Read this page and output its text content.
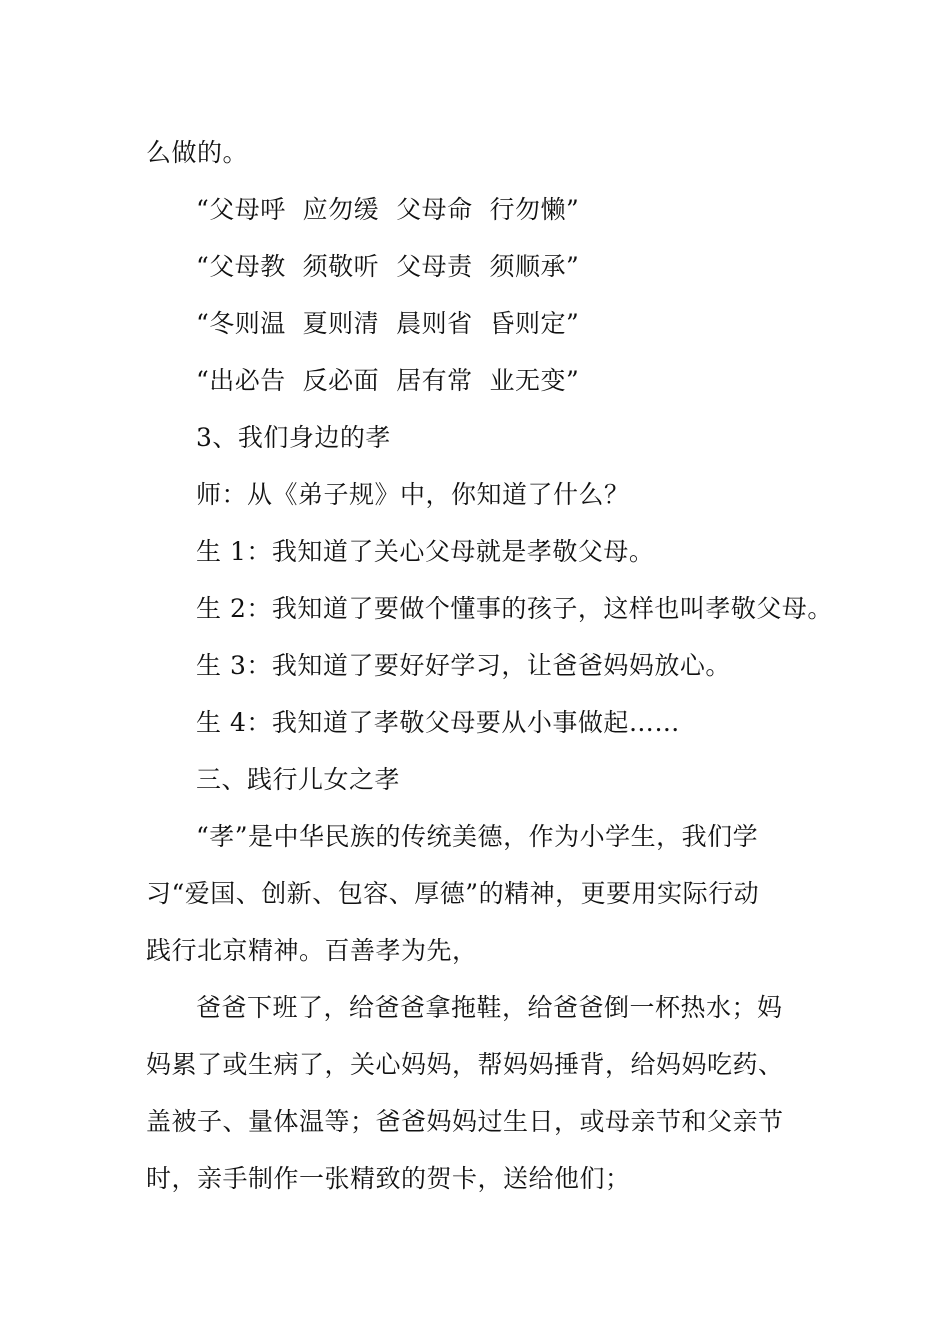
么做的。
“父母呼  应勿缓  父母命  行勿懒”
“父母教  须敬听  父母责  须顺承”
“冬则温  夏则清  晨则省  昏则定”
“出必告  反必面  居有常  业无变”
3、我们身边的孝
师：从《弟子规》中，你知道了什么？
生 1：我知道了关心父母就是孝敬父母。
生 2：我知道了要做个懂事的孩子，这样也叫孝敬父母。
生 3：我知道了要好好学习，让爸爸妈妈放心。
生 4：我知道了孝敬父母要从小事做起……
三、践行儿女之孝
“孝”是中华民族的传统美德，作为小学生，我们学
习“爱国、创新、包容、厚德”的精神，更要用实际行动
践行北京精神。百善孝为先，
爸爸下班了，给爸爸拿拖鞋，给爸爸倒一杯热水；妈
妈累了或生病了，关心妈妈，帮妈妈捶背，给妈妈吃药、
盖被子、量体温等；爸爸妈妈过生日，或母亲节和父亲节
时，亲手制作一张精致的贺卡，送给他们；
